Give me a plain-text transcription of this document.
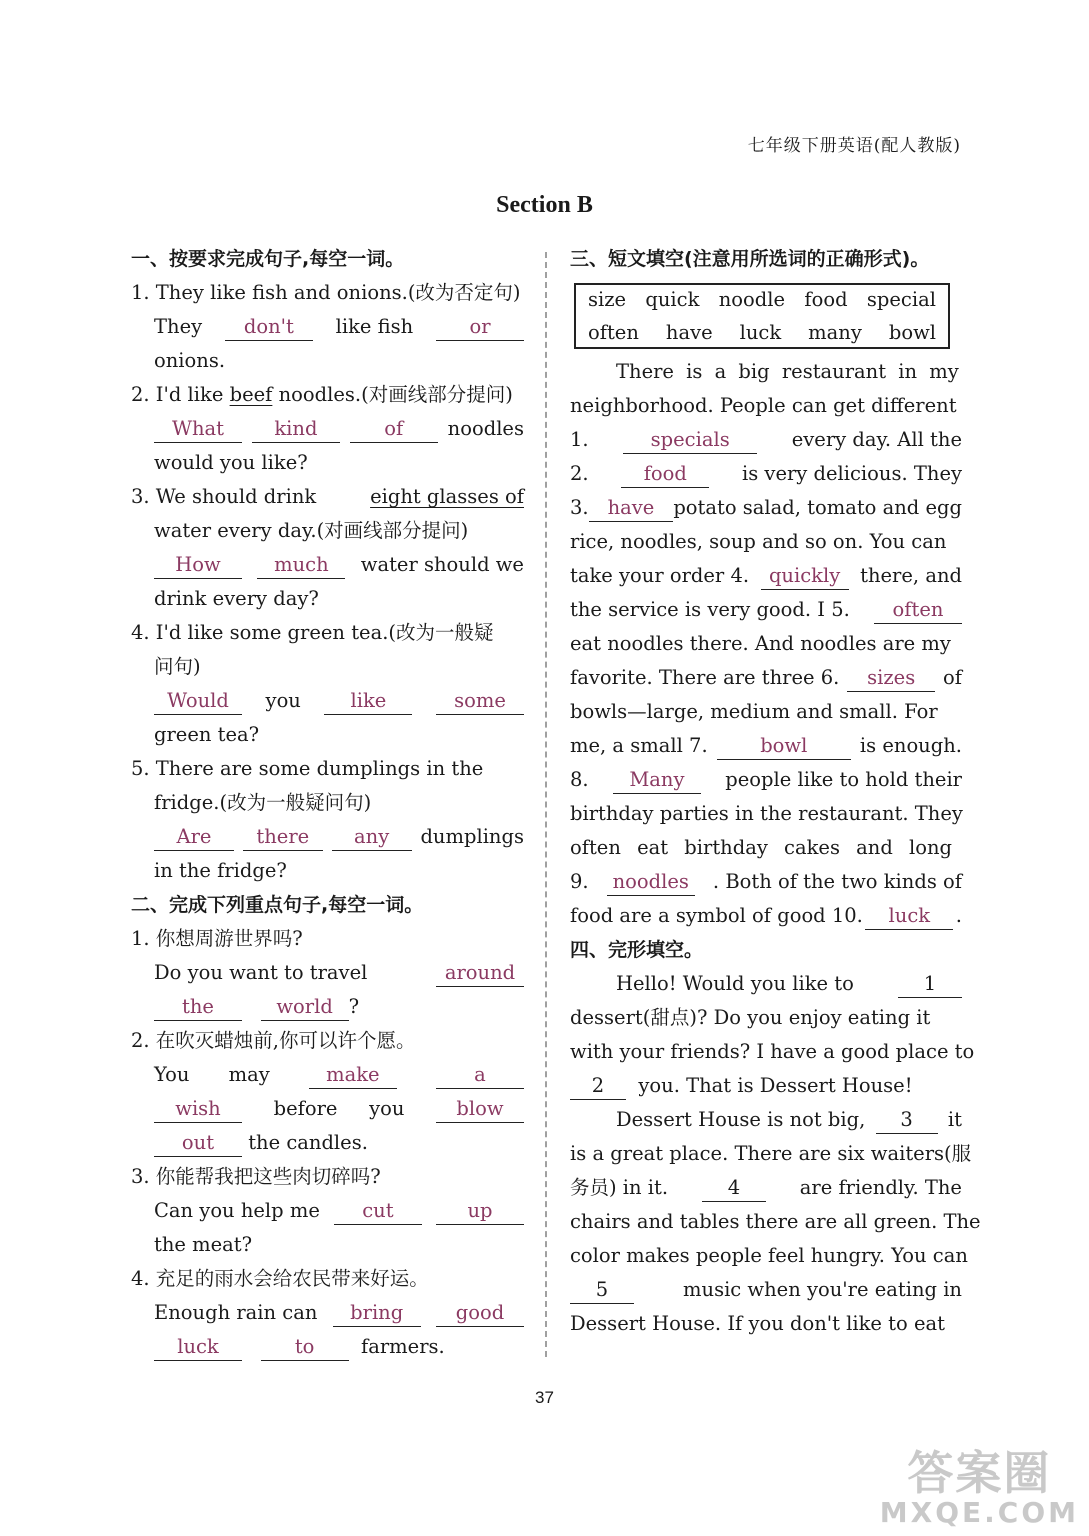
七年级下册英语(配人教版)
Section B
一、按要求完成句子,每空一词。
1. They like fish and onions.(改为否定句)
They	don't	like fish	or
onions.
2. I'd like
beef
noodles.(对画线部分提问)
What	kind	of	noodles
would you like?
3. We should drink	eight glasses of
water every day.(对画线部分提问)
How	much	water should we
drink every day?
4. I'd like some green tea.(改为一般疑
问句)
Would	you	like	some
green tea?
5. There are some dumplings in the
fridge.(改为一般疑问句)
Are	there	any	dumplings
in the fridge?
二、完成下列重点句子,每空一词。
1. 你想周游世界吗?
Do you want to travel	around
the
	world ?
2. 在吹灭蜡烛前,你可以许个愿。
You may	make	a
wish	before you	blow
out
	the candles.
3. 你能帮我把这些肉切碎吗?
Can you help me	cut	up
the meat?
4. 充足的雨水会给农民带来好运。
Enough rain can	bring	good
luck
	to
	farmers.
三、短文填空(注意用所选词的正确形式)。
size quick noodle food special
often have luck many bowl
There is a big restaurant in my
neighborhood. People can get different
1.	specials	every day. All the
2.	food	is very delicious. They
3. have potato salad, tomato and egg
rice, noodles, soup and so on. You can
take your order 4.	quickly	there, and
the service is very good. I 5.	often
eat noodles there. And noodles are my
favorite. There are three 6.	sizes	of
bowls—large, medium and small. For
me, a small 7.	bowl	is enough.
8.	Many	people like to hold their
birthday parties in the restaurant. They
often eat birthday cakes and long
9. noodles . Both of the two kinds of
food are a symbol of good 10.	luck	.
四、完形填空。
Hello! Would you like to	1
dessert(甜点)? Do you enjoy eating it
with your friends? I have a good place to
2
	you. That is Dessert House!
Dessert House is not big,	3	it
is a great place. There are six waiters(服
务员) in it.	4	are friendly. The
chairs and tables there are all green. The
color makes people feel hungry. You can
5	music when you're eating in
Dessert House. If you don't like to eat
37
答案圈
MXQE.COM
